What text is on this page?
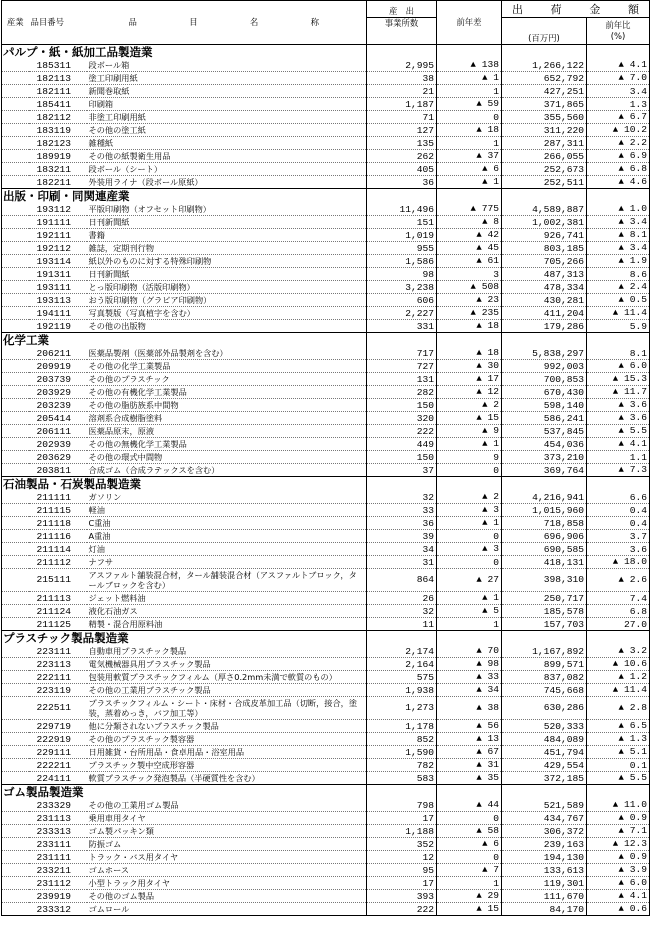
産業	品目番号	品 目 名 称	産　出	前年差	出 荷 金 額	

			事業所数		(百万円)	前年比
(%)

パルプ・紙・紙加工品製造業						
	185311	段ボール箱	2,995	▲ 138	1,266,122	▲ 4.1
	182113	塗工印刷用紙	38	▲ 1	652,792	▲ 7.0
	182111	新聞巻取紙	21	1	427,251	3.4
	185411	印刷箱	1,187	▲ 59	371,865	1.3
	182112	非塗工印刷用紙	71	0	355,560	▲ 6.7
	183119	その他の塗工紙	127	▲ 18	311,220	▲ 10.2
	182123	雑種紙	135	1	287,311	▲ 2.2
	189919	その他の紙製衛生用品	262	▲ 37	266,055	▲ 6.9
	183211	段ボール（シート）	405	▲ 6	252,673	▲ 6.8
	182211	外装用ライナ（段ボール原紙）	36	▲ 1	252,511	▲ 4.6
出版・印刷・同関連産業						
	193112	平版印刷物（オフセット印刷物）	11,496	▲ 775	4,589,887	▲ 1.0
	191111	日刊新聞紙	151	▲ 8	1,002,381	▲ 3.4
	192111	書籍	1,019	▲ 42	926,741	▲ 8.1
	192112	雑誌，定期刊行物	955	▲ 45	803,185	▲ 3.4
	193114	紙以外のものに対する特殊印刷物	1,586	▲ 61	705,266	▲ 1.9
	191311	日刊新聞紙	98	3	487,313	8.6
	193111	とっ版印刷物（活版印刷物）	3,238	▲ 508	478,334	▲ 2.4
	193113	おう版印刷物（グラビア印刷物）	606	▲ 23	430,281	▲ 0.5
	194111	写真製版（写真植字を含む）	2,227	▲ 235	411,204	▲ 11.4
	192119	その他の出版物	331	▲ 18	179,286	5.9
化学工業						
	206211	医薬品製剤（医薬部外品製剤を含む）	717	▲ 18	5,838,297	8.1
	209919	その他の化学工業製品	727	▲ 30	992,003	▲ 6.0
	203739	その他のプラスチック	131	▲ 17	700,853	▲ 15.3
	203929	その他の有機化学工業製品	282	▲ 12	670,430	▲ 11.7
	203239	その他の脂肪族系中間物	150	▲ 2	598,140	▲ 3.6
	205414	溶剤系合成樹脂塗料	320	▲ 15	586,241	▲ 3.6
	206111	医薬品原末，原液	222	▲ 9	537,845	▲ 5.5
	202939	その他の無機化学工業製品	449	▲ 1	454,036	▲ 4.1
	203629	その他の環式中間物	150	9	373,210	1.1
	203811	合成ゴム（合成ラテックスを含む）	37	0	369,764	▲ 7.3
石油製品・石炭製品製造業						
	211111	ガソリン	32	▲ 2	4,216,941	6.6
	211115	軽油	33	▲ 3	1,015,960	0.4
	211118	C重油	36	▲ 1	718,858	0.4
	211116	A重油	39	0	696,906	3.7
	211114	灯油	34	▲ 3	690,585	3.6
	211112	ナフサ	31	0	418,131	▲ 18.0
	215111	アスファルト舗装混合材，タール舗装混合材（アスファルトブロック，タールブロックを含む）	864	▲ 27	398,310	▲ 2.6
	211113	ジェット燃料油	26	▲ 1	250,717	7.4
	211124	液化石油ガス	32	▲ 5	185,578	6.8
	211125	精製・混合用原料油	11	1	157,703	27.0
プラスチック製品製造業						
	223111	自動車用プラスチック製品	2,174	▲ 70	1,167,892	▲ 3.2
	223113	電気機械器具用プラスチック製品	2,164	▲ 98	899,571	▲ 10.6
	222111	包装用軟質プラスチックフィルム（厚さ0.2mm未満で軟質のもの）	575	▲ 33	837,082	▲ 1.2
	223119	その他の工業用プラスチック製品	1,938	▲ 34	745,668	▲ 11.4
	222511	プラスチックフィルム・シート・床材・合成皮革加工品（切断，接合，塗装，蒸着めっき，バフ加工等）	1,273	▲ 38	630,286	▲ 2.8
	229719	他に分類されないプラスチック製品	1,178	▲ 56	520,333	▲ 6.5
	222919	その他のプラスチック製容器	852	▲ 13	484,089	▲ 1.3
	229111	日用雑貨・台所用品・食卓用品・浴室用品	1,590	▲ 67	451,794	▲ 5.1
	222211	プラスチック製中空成形容器	782	▲ 31	429,554	0.1
	224111	軟質プラスチック発泡製品（半硬質性を含む）	583	▲ 35	372,185	▲ 5.5
ゴム製品製造業						
	233329	その他の工業用ゴム製品	798	▲ 44	521,589	▲ 11.0
	231113	乗用車用タイヤ	17	0	434,767	▲ 0.9
	233313	ゴム製パッキン類	1,188	▲ 58	306,372	▲ 7.1
	233111	防振ゴム	352	▲ 6	239,163	▲ 12.3
	231111	トラック・バス用タイヤ	12	0	194,130	▲ 0.9
	233211	ゴムホース	95	▲ 7	133,613	▲ 3.9
	231112	小型トラック用タイヤ	17	1	119,301	▲ 6.0
	239919	その他のゴム製品	393	▲ 29	111,670	▲ 4.1
	233312	ゴムロール	222	▲ 15	84,170	▲ 0.6
